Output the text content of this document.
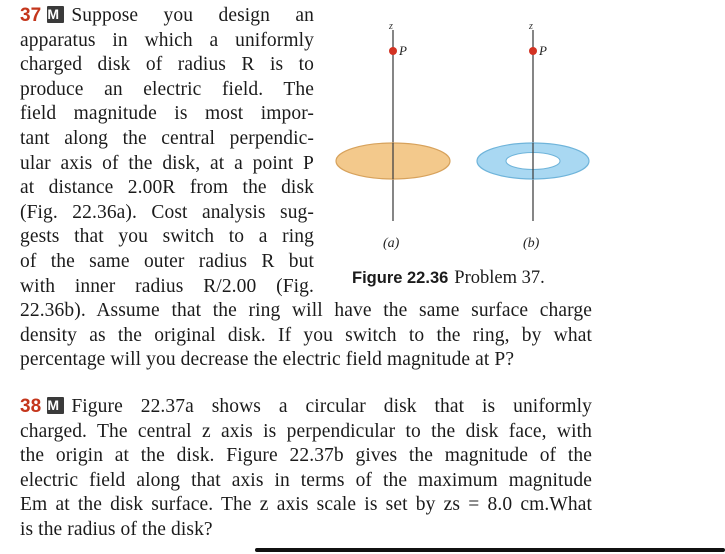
37 M Suppose you design an
apparatus in which a uniformly
charged disk of radius R is to
produce an electric field. The
field magnitude is most impor-
tant along the central perpendic-
ular axis of the disk, at a point P
at distance 2.00R from the disk
(Fig. 22.36a). Cost analysis sug-
gests that you switch to a ring
of the same outer radius R but
with inner radius R/2.00 (Fig.
z
P
z
P
(a)	(b)
Figure 22.36 Problem 37.
22.36b). Assume that the ring will have the same surface charge
density as the original disk. If you switch to the ring, by what
percentage will you decrease the electric field magnitude at P?
38 M Figure 22.37a shows a circular disk that is uniformly
charged. The central z axis is perpendicular to the disk face, with
the origin at the disk. Figure 22.37b gives the magnitude of the
electric field along that axis in terms of the maximum magnitude
Em at the disk surface. The z axis scale is set by zs = 8.0 cm.What
is the radius of the disk?
